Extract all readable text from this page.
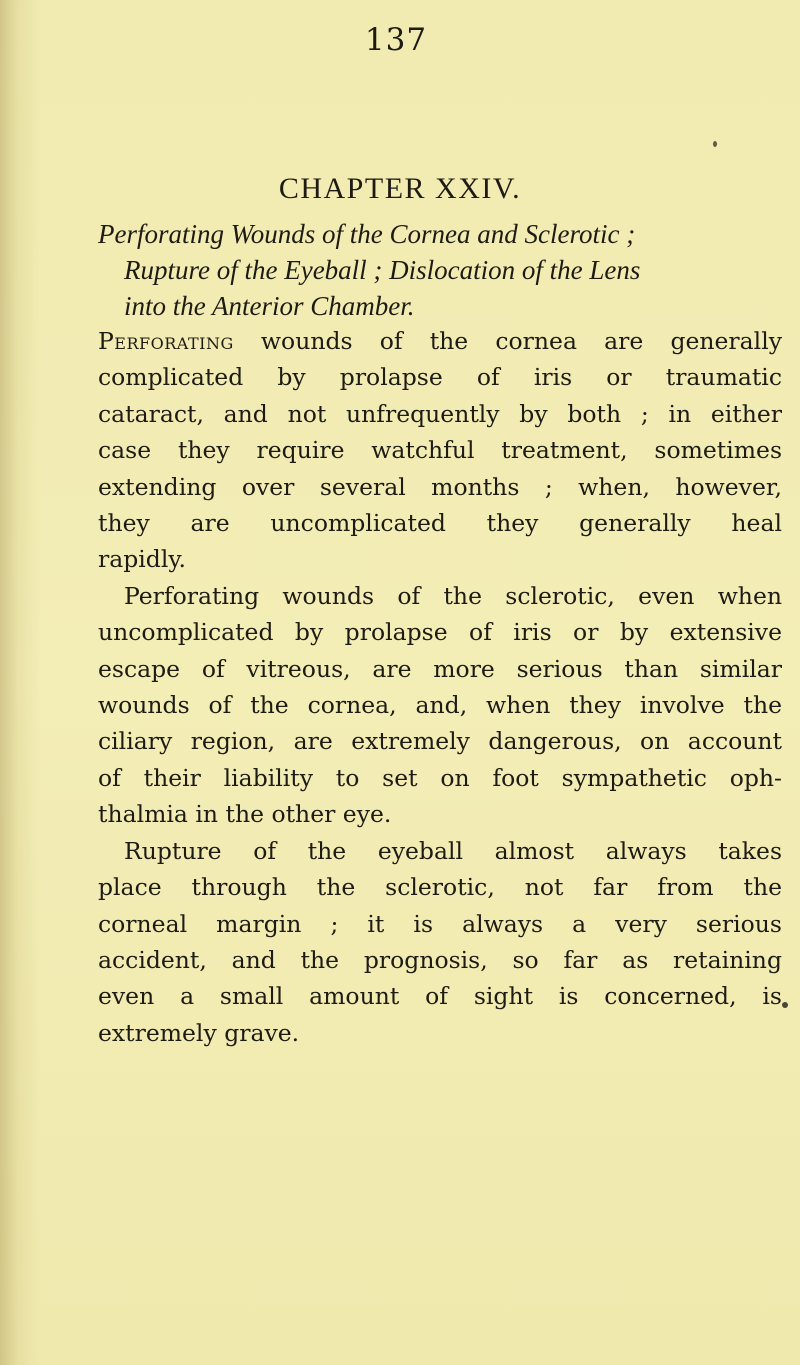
137
CHAPTER XXIV.
Perforating Wounds of the Cornea and Sclerotic ;
Rupture of the Eyeball ; Dislocation of the Lens
into the Anterior Chamber.
Perforating wounds of the cornea are generally
complicated by prolapse of iris or traumatic
cataract, and not unfrequently by both ; in either
case they require watchful treatment, sometimes
extending over several months ; when, however,
they are uncomplicated they generally heal
rapidly.
Perforating wounds of the sclerotic, even when
uncomplicated by prolapse of iris or by extensive
escape of vitreous, are more serious than similar
wounds of the cornea, and, when they involve the
ciliary region, are extremely dangerous, on account
of their liability to set on foot sympathetic oph-
thalmia in the other eye.
Rupture of the eyeball almost always takes
place through the sclerotic, not far from the
corneal margin ; it is always a very serious
accident, and the prognosis, so far as retaining
even a small amount of sight is concerned, is
extremely grave.
